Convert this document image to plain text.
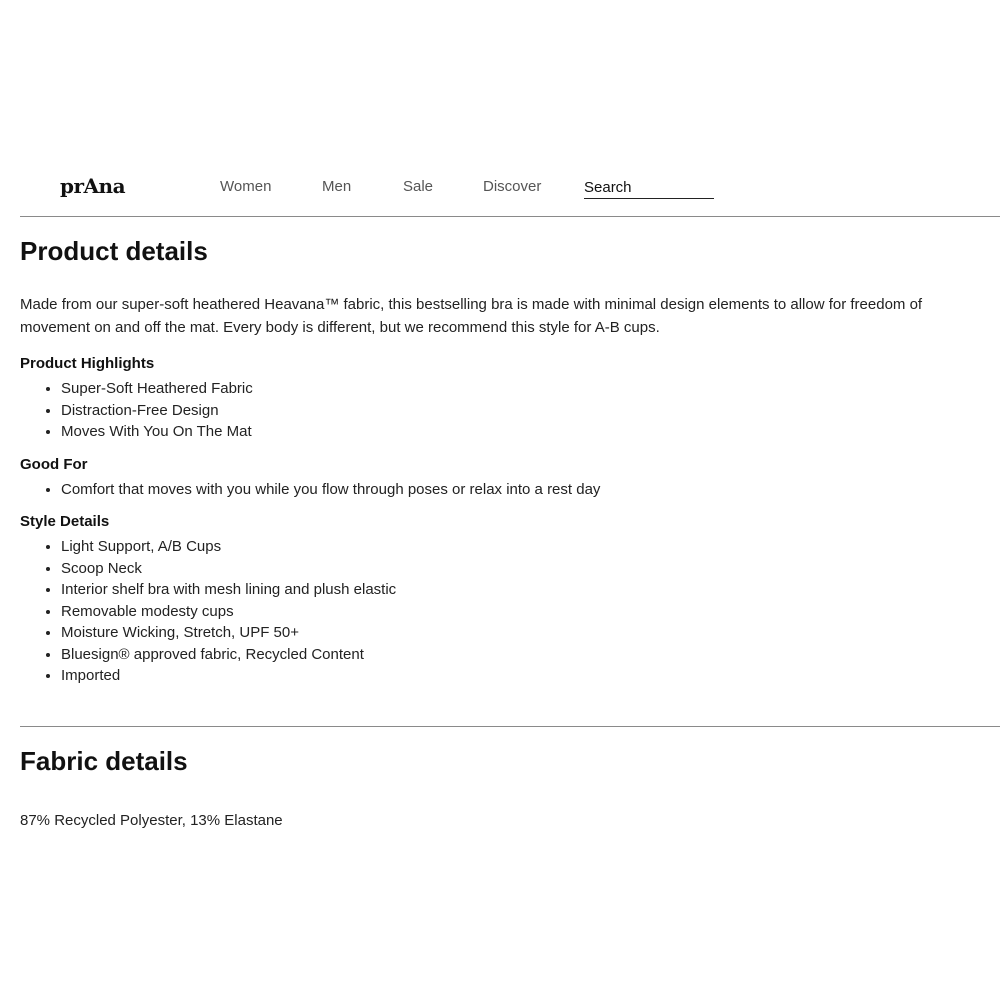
prAna	Women	Men	Sale	Discover
Search
Product details

Made from our super-soft heathered Heavana™ fabric, this bestselling bra is made with minimal design elements to allow for freedom of movement on and off the mat. Every body is different, but we recommend this style for A-B cups.

Product Highlights

• Super-Soft Heathered Fabric
• Distraction-Free Design
• Moves With You On The Mat

Good For

• Comfort that moves with you while you flow through poses or relax into a rest day

Style Details

• Light Support, A/B Cups
• Scoop Neck
• Interior shelf bra with mesh lining and plush elastic
• Removable modesty cups
• Moisture Wicking, Stretch, UPF 50+
• Bluesign® approved fabric, Recycled Content
• Imported
Fabric details

87% Recycled Polyester, 13% Elastane
